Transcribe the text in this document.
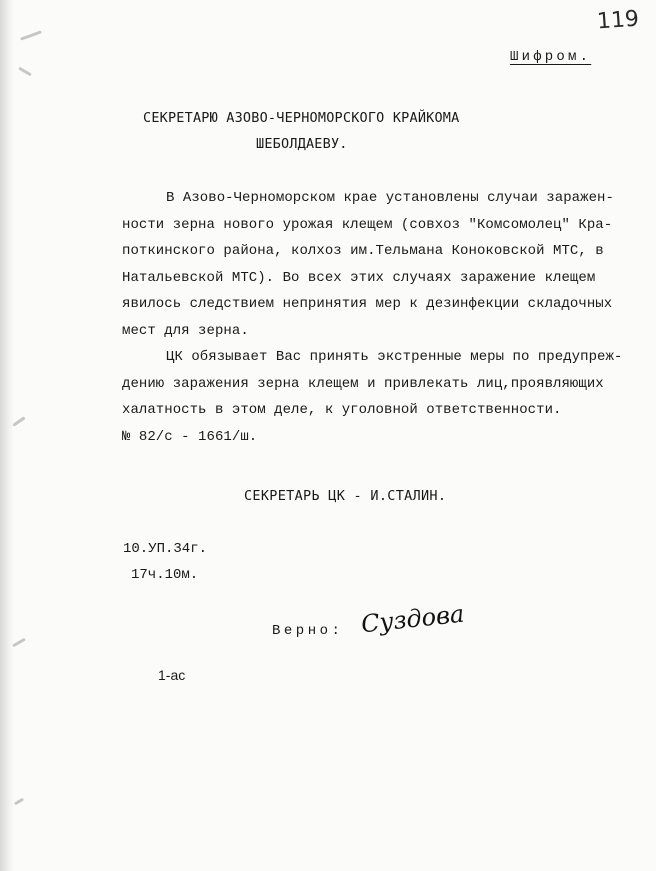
119
Шифром.
СЕКРЕТАРЮ АЗОВО-ЧЕРНОМОРСКОГО КРАЙКОМА
ШЕБОЛДАЕВУ.
В Азово-Черноморском крае установлены случаи заражен-
ности зерна нового урожая клещем (совхоз "Комсомолец" Кра-
поткинского района, колхоз им.Тельмана Коноковской МТС, в
Натальевской МТС). Во всех этих случаях заражение клещем
явилось следствием непринятия мер к дезинфекции складочных
мест для зерна.
ЦК обязывает Вас принять экстренные меры по предупреж-
дению заражения зерна клещем и привлекать лиц,проявляющих
халатность в этом деле, к уголовной ответственности.
№ 82/с - 1661/ш.
СЕКРЕТАРЬ ЦК - И.СТАЛИН.
10.УП.34г.
17ч.10м.
Верно: Суздова
1-ас
